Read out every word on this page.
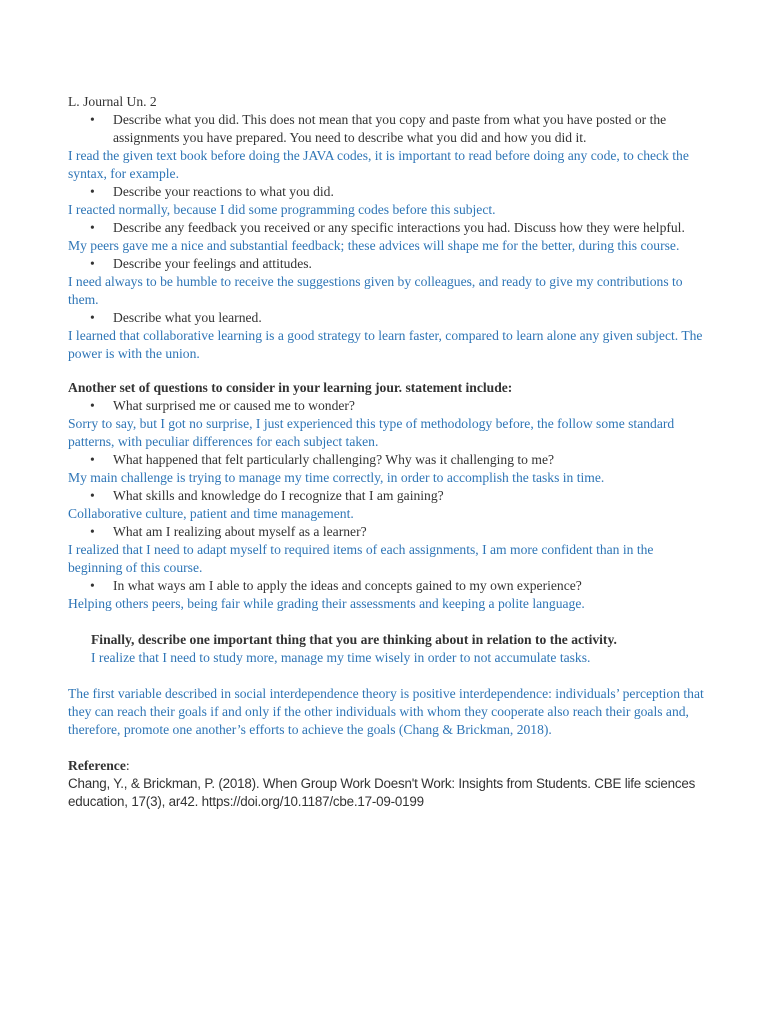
L. Journal Un. 2

• Describe what you did. This does not mean that you copy and paste from what you have posted or the assignments you have prepared. You need to describe what you did and how you did it.

I read the given text book before doing the JAVA codes, it is important to read before doing any code, to check the syntax, for example.

• Describe your reactions to what you did.

I reacted normally, because I did some programming codes before this subject.

• Describe any feedback you received or any specific interactions you had. Discuss how they were helpful.

My peers gave me a nice and substantial feedback; these advices will shape me for the better, during this course.

• Describe your feelings and attitudes.

I need always to be humble to receive the suggestions given by colleagues, and ready to give my contributions to them.

• Describe what you learned.

I learned that collaborative learning is a good strategy to learn faster, compared to learn alone any given subject. The power is with the union.

Another set of questions to consider in your learning jour. statement include:

• What surprised me or caused me to wonder?

Sorry to say, but I got no surprise, I just experienced this type of methodology before, the follow some standard patterns, with peculiar differences for each subject taken.

• What happened that felt particularly challenging? Why was it challenging to me?

My main challenge is trying to manage my time correctly, in order to accomplish the tasks in time.

• What skills and knowledge do I recognize that I am gaining?

Collaborative culture, patient and time management.

• What am I realizing about myself as a learner?

I realized that I need to adapt myself to required items of each assignments, I am more confident than in the beginning of this course.

• In what ways am I able to apply the ideas and concepts gained to my own experience?

Helping others peers, being fair while grading their assessments and keeping a polite language.

Finally, describe one important thing that you are thinking about in relation to the activity.

I realize that I need to study more, manage my time wisely in order to not accumulate tasks.

The first variable described in social interdependence theory is positive interdependence: individuals’ perception that they can reach their goals if and only if the other individuals with whom they cooperate also reach their goals and, therefore, promote one another’s efforts to achieve the goals (Chang & Brickman, 2018).

Reference:

Chang, Y., & Brickman, P. (2018). When Group Work Doesn't Work: Insights from Students. CBE life sciences education, 17(3), ar42. https://doi.org/10.1187/cbe.17-09-0199
